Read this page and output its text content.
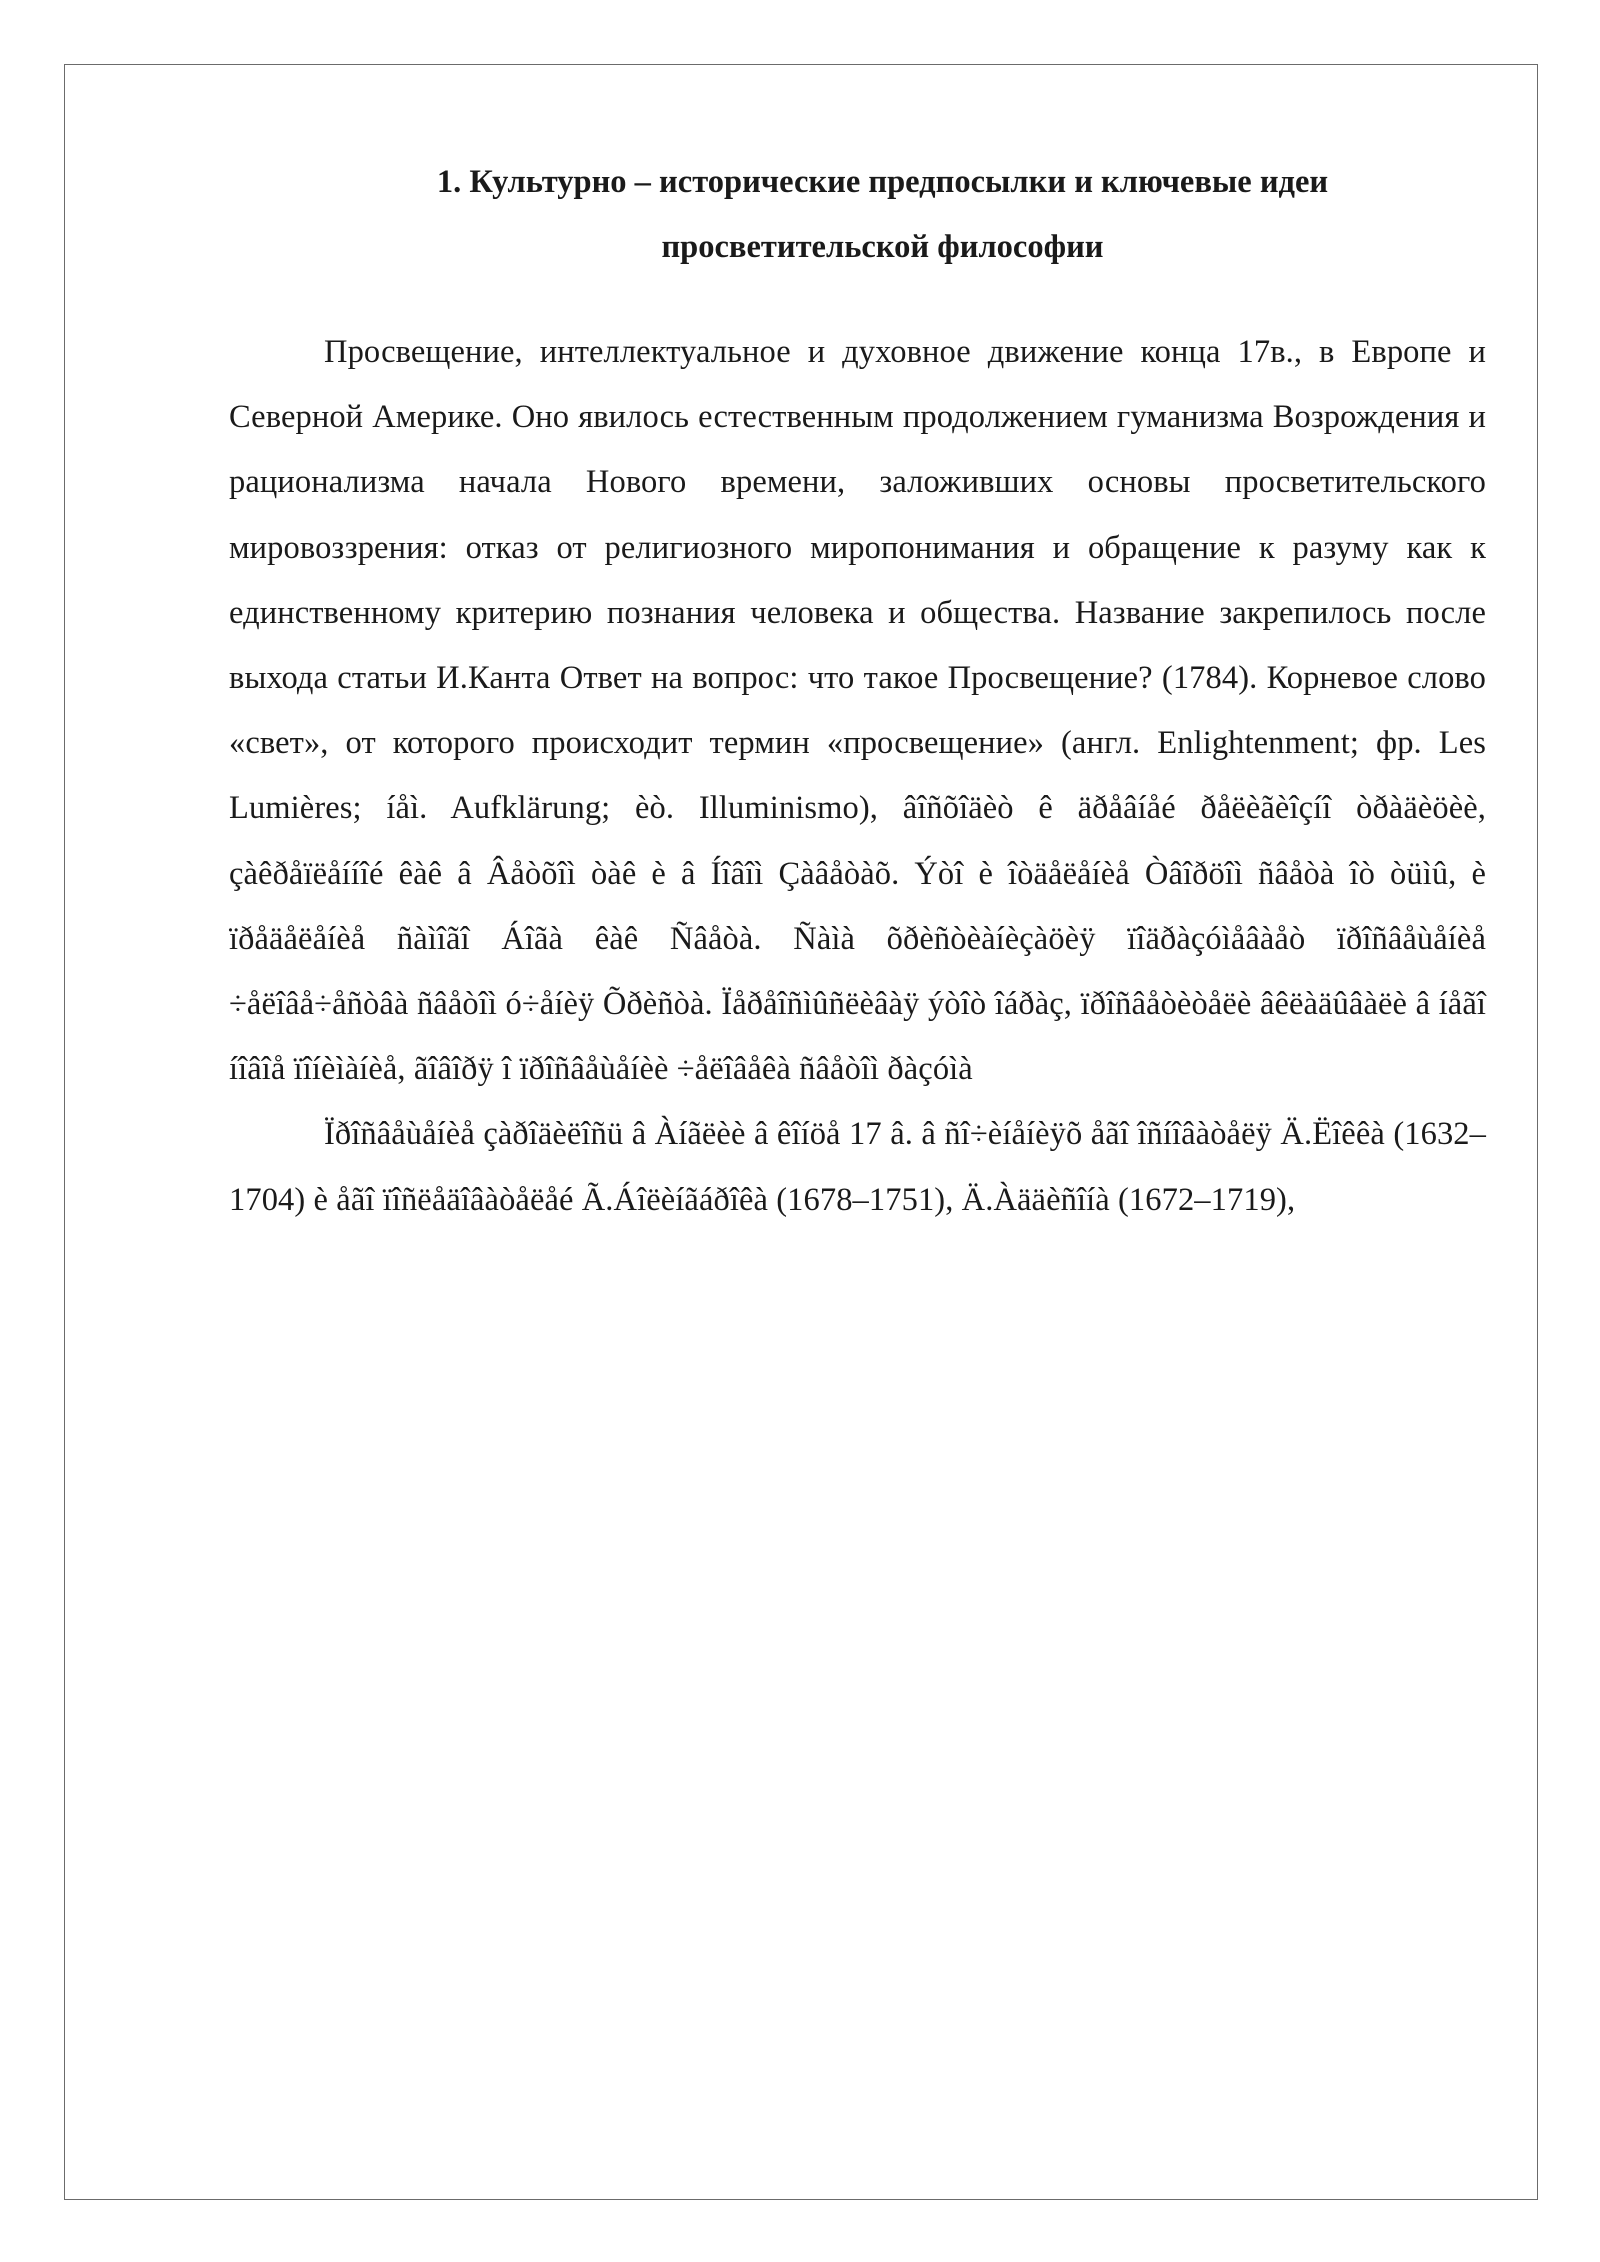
1. Культурно – исторические предпосылки и ключевые идеи
просветительской философии

Просвещение, интеллектуальное и духовное движение конца 17в., в Европе и Северной Америке. Оно явилось естественным продолжением гуманизма Возрождения и рационализма начала Нового времени, заложивших основы просветительского мировоззрения: отказ от религиозного миропонимания и обращение к разуму как к единственному критерию познания человека и общества. Название закрепилось после выхода статьи И.Канта Ответ на вопрос: что такое Просвещение? (1784). Корневое слово «свет», от которого происходит термин «просвещение» (англ. Enlightenment; фр. Les Lumières; íåì. Aufklärung; èò. Illuminismo), âîñõîäèò ê äðåâíåé ðåëèãèîçíî òðàäèöèè, çàêðåïëåííîé êàê â Âåòõîì òàê è â Íîâîì Çàâåòàõ. Ýòî è îòäåëåíèå Òâîðöîì ñâåòà îò òüìû, è ïðåäåëåíèå ñàìîãî Áîãà êàê Ñâåòà. Ñàìà õðèñòèàíèçàöèÿ ïîäðàçóìåâàåò ïðîñâåùåíèå ÷åëîâå÷åñòâà ñâåòîì ó÷åíèÿ Õðèñòà. Ïåðåîñìûñëèâàÿ ýòîò îáðàç, ïðîñâåòèòåëè âêëàäûâàëè â íåãî íîâîå ïîíèìàíèå, ãîâîðÿ î ïðîñâåùåíèè ÷åëîâåêà ñâåòîì ðàçóìà

Ïðîñâåùåíèå çàðîäèëîñü â Àíãëèè â êîíöå 17 â. â ñî÷èíåíèÿõ åãî îñíîâàòåëÿ Ä.Ëîêêà (1632–1704) è åãî ïîñëåäîâàòåëåé Ã.Áîëèíãáðîêà (1678–1751), Ä.Àääèñîíà (1672–1719),
